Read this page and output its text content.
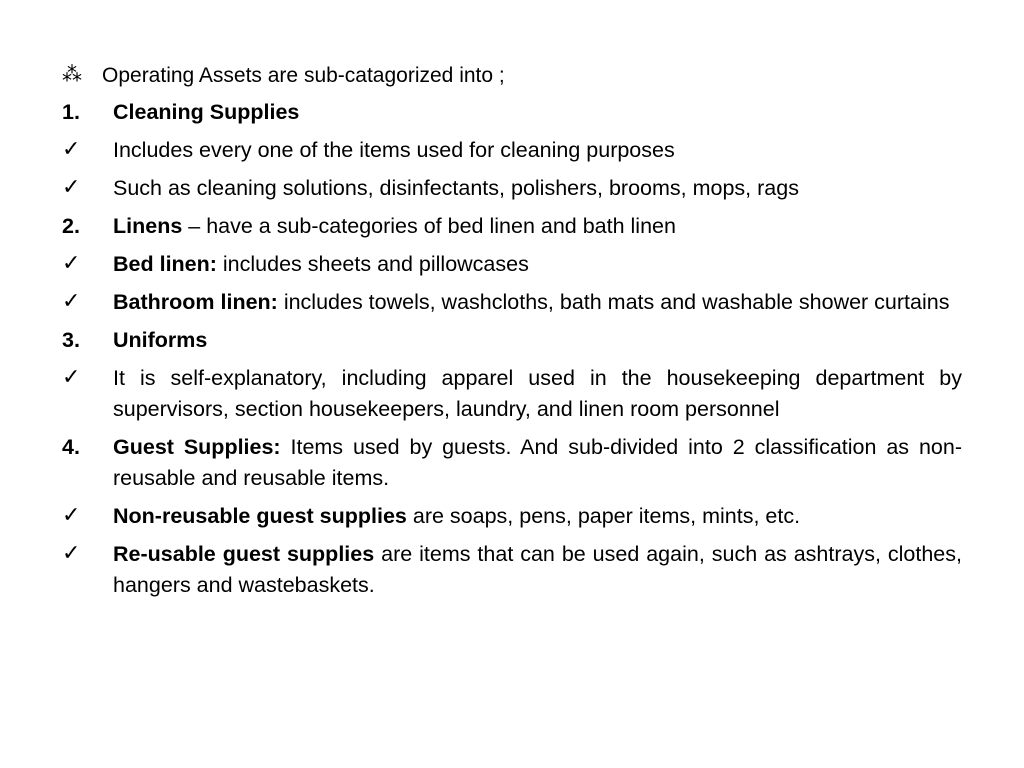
⁂	Operating Assets are sub-catagorized into ;
1.	Cleaning Supplies
✓	Includes every one of the items used for cleaning purposes
✓	Such as cleaning solutions, disinfectants, polishers, brooms, mops, rags
2.	Linens – have a sub-categories of bed linen and bath linen
✓	Bed linen: includes sheets and pillowcases
✓	Bathroom linen: includes towels, washcloths, bath mats and washable shower curtains
3.	Uniforms
✓	It is self-explanatory, including apparel used in the housekeeping department by supervisors, section housekeepers, laundry, and linen room personnel
4.	Guest Supplies: Items used by guests. And sub-divided into 2 classification as non-reusable and reusable items.
✓	Non-reusable guest supplies are soaps, pens, paper items, mints, etc.
✓	Re-usable guest supplies are items that can be used again, such as ashtrays, clothes, hangers and wastebaskets.
